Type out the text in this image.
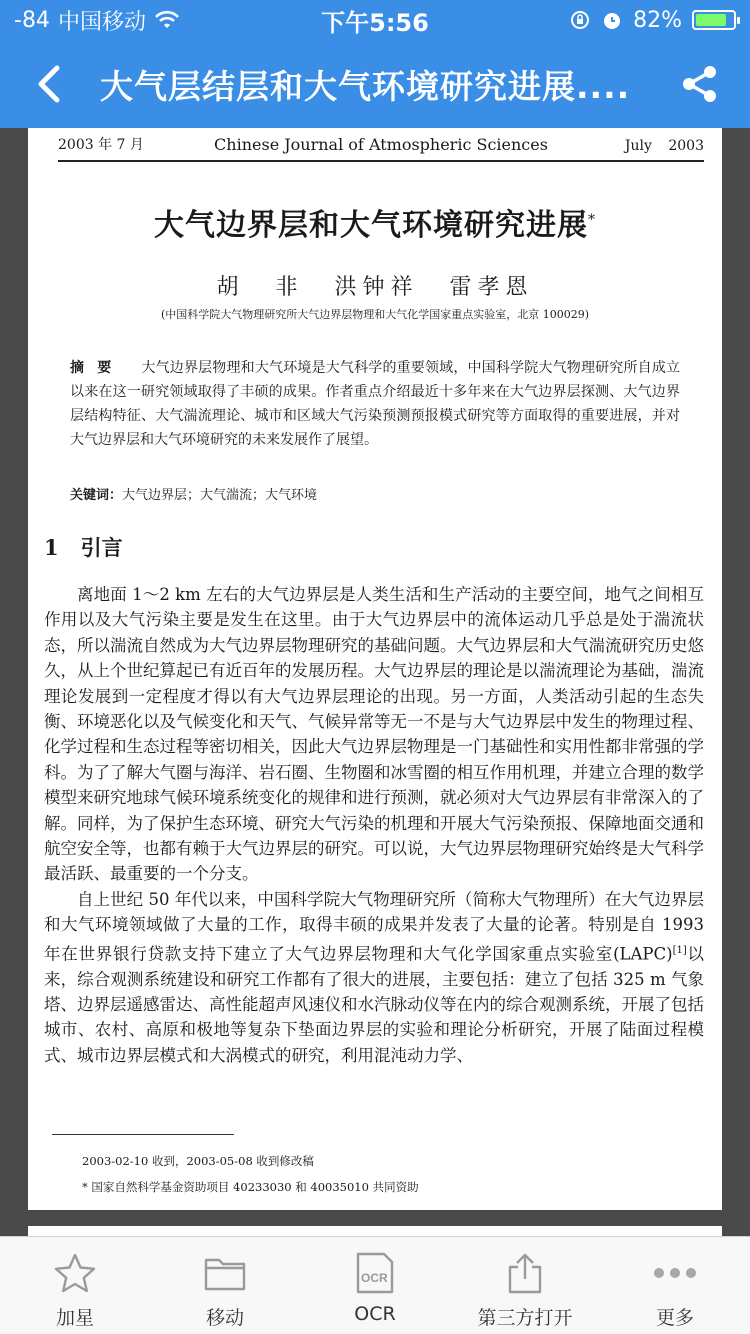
-84 中国移动	下午5:56	82%
大气层结层和大气环境研究进展....
2003 年 7 月	Chinese Journal of Atmospheric Sciences	July 2003
大气边界层和大气环境研究进展*
胡 非 洪钟祥 雷孝恩
(中国科学院大气物理研究所大气边界层物理和大气化学国家重点实验室，北京 100029)
摘 要 大气边界层物理和大气环境是大气科学的重要领域，中国科学院大气物理研究所自成立以来在这一研究领域取得了丰硕的成果。作者重点介绍最近十多年来在大气边界层探测、大气边界层结构特征、大气湍流理论、城市和区域大气污染预测预报模式研究等方面取得的重要进展，并对大气边界层和大气环境研究的未来发展作了展望。
关键词：大气边界层；大气湍流；大气环境
1 引言

离地面 1～2 km 左右的大气边界层是人类生活和生产活动的主要空间，地气之间相互作用以及大气污染主要是发生在这里。由于大气边界层中的流体运动几乎总是处于湍流状态，所以湍流自然成为大气边界层物理研究的基础问题。大气边界层和大气湍流研究历史悠久，从上个世纪算起已有近百年的发展历程。大气边界层的理论是以湍流理论为基础，湍流理论发展到一定程度才得以有大气边界层理论的出现。另一方面，人类活动引起的生态失衡、环境恶化以及气候变化和天气、气候异常等无一不是与大气边界层中发生的物理过程、化学过程和生态过程等密切相关，因此大气边界层物理是一门基础性和实用性都非常强的学科。为了了解大气圈与海洋、岩石圈、生物圈和冰雪圈的相互作用机理，并建立合理的数学模型来研究地球气候环境系统变化的规律和进行预测，就必须对大气边界层有非常深入的了解。同样，为了保护生态环境、研究大气污染的机理和开展大气污染预报、保障地面交通和航空安全等，也都有赖于大气边界层的研究。可以说，大气边界层物理研究始终是大气科学最活跃、最重要的一个分支。

自上世纪 50 年代以来，中国科学院大气物理研究所（简称大气物理所）在大气边界层和大气环境领域做了大量的工作，取得丰硕的成果并发表了大量的论著。特别是自 1993 年在世界银行贷款支持下建立了大气边界层物理和大气化学国家重点实验室(LAPC)[1]以来，综合观测系统建设和研究工作都有了很大的进展，主要包括：建立了包括 325 m 气象塔、边界层遥感雷达、高性能超声风速仪和水汽脉动仪等在内的综合观测系统，开展了包括城市、农村、高原和极地等复杂下垫面边界层的实验和理论分析研究，开展了陆面过程模式、城市边界层模式和大涡模式的研究，利用混沌动力学、

2003-02-10 收到，2003-05-08 收到修改稿
* 国家自然科学基金资助项目 40233030 和 40035010 共同资助
加星	移动
OCR
OCR	第三方打开	更多
